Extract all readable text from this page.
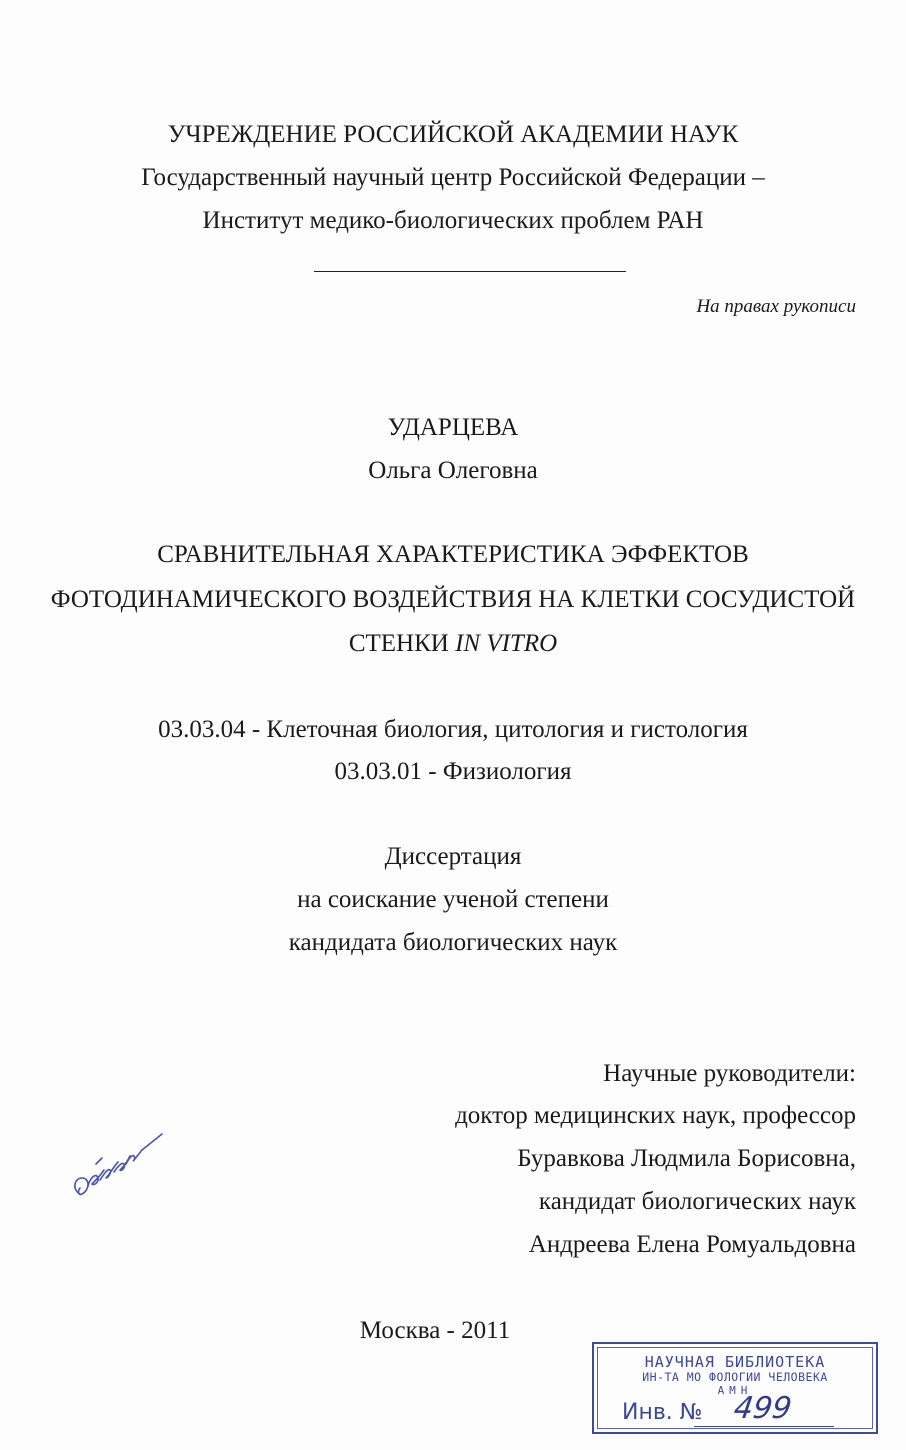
УЧРЕЖДЕНИЕ РОССИЙСКОЙ АКАДЕМИИ НАУК
Государственный научный центр Российской Федерации –
Институт медико-биологических проблем РАН
На правах рукописи
УДАРЦЕВА
Ольга Олеговна
СРАВНИТЕЛЬНАЯ ХАРАКТЕРИСТИКА ЭФФЕКТОВ
ФОТОДИНАМИЧЕСКОГО ВОЗДЕЙСТВИЯ НА КЛЕТКИ СОСУДИСТОЙ
СТЕНКИ IN VITRO
03.03.04 - Клеточная биология, цитология и гистология
03.03.01 - Физиология
Диссертация
на соискание ученой степени
кандидата биологических наук
Научные руководители:
доктор медицинских наук, профессор
Буравкова Людмила Борисовна,
кандидат биологических наук
Андреева Елена Ромуальдовна
Москва - 2011
НАУЧНАЯ БИБЛИОТЕКА
ИН-ТА МО ФОЛОГИИ ЧЕЛОВЕКА
АМН
Инв. № 499
